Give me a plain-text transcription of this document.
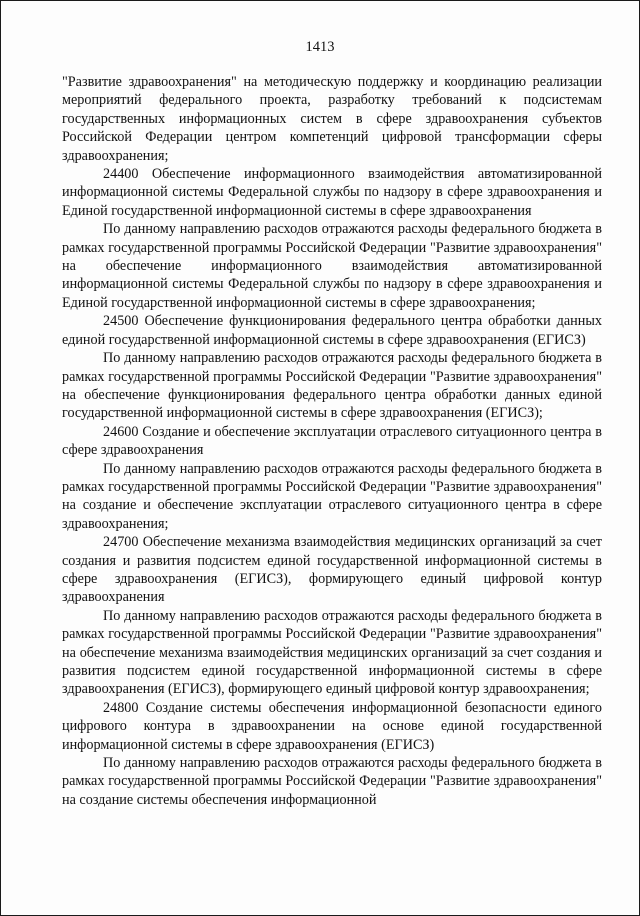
1413

"Развитие здравоохранения" на методическую поддержку и координацию реализации мероприятий федерального проекта, разработку требований к подсистемам государственных информационных систем в сфере здравоохранения субъектов Российской Федерации центром компетенций цифровой трансформации сферы здравоохранения;

24400 Обеспечение информационного взаимодействия автоматизированной информационной системы Федеральной службы по надзору в сфере здравоохранения и Единой государственной информационной системы в сфере здравоохранения

По данному направлению расходов отражаются расходы федерального бюджета в рамках государственной программы Российской Федерации "Развитие здравоохранения" на обеспечение информационного взаимодействия автоматизированной информационной системы Федеральной службы по надзору в сфере здравоохранения и Единой государственной информационной системы в сфере здравоохранения;

24500 Обеспечение функционирования федерального центра обработки данных единой государственной информационной системы в сфере здравоохранения (ЕГИСЗ)

По данному направлению расходов отражаются расходы федерального бюджета в рамках государственной программы Российской Федерации "Развитие здравоохранения" на обеспечение функционирования федерального центра обработки данных единой государственной информационной системы в сфере здравоохранения (ЕГИСЗ);

24600 Создание и обеспечение эксплуатации отраслевого ситуационного центра в сфере здравоохранения

По данному направлению расходов отражаются расходы федерального бюджета в рамках государственной программы Российской Федерации "Развитие здравоохранения" на создание и обеспечение эксплуатации отраслевого ситуационного центра в сфере здравоохранения;

24700 Обеспечение механизма взаимодействия медицинских организаций за счет создания и развития подсистем единой государственной информационной системы в сфере здравоохранения (ЕГИСЗ), формирующего единый цифровой контур здравоохранения

По данному направлению расходов отражаются расходы федерального бюджета в рамках государственной программы Российской Федерации "Развитие здравоохранения" на обеспечение механизма взаимодействия медицинских организаций за счет создания и развития подсистем единой государственной информационной системы в сфере здравоохранения (ЕГИСЗ), формирующего единый цифровой контур здравоохранения;

24800 Создание системы обеспечения информационной безопасности единого цифрового контура в здравоохранении на основе единой государственной информационной системы в сфере здравоохранения (ЕГИСЗ)

По данному направлению расходов отражаются расходы федерального бюджета в рамках государственной программы Российской Федерации "Развитие здравоохранения" на создание системы обеспечения информационной
